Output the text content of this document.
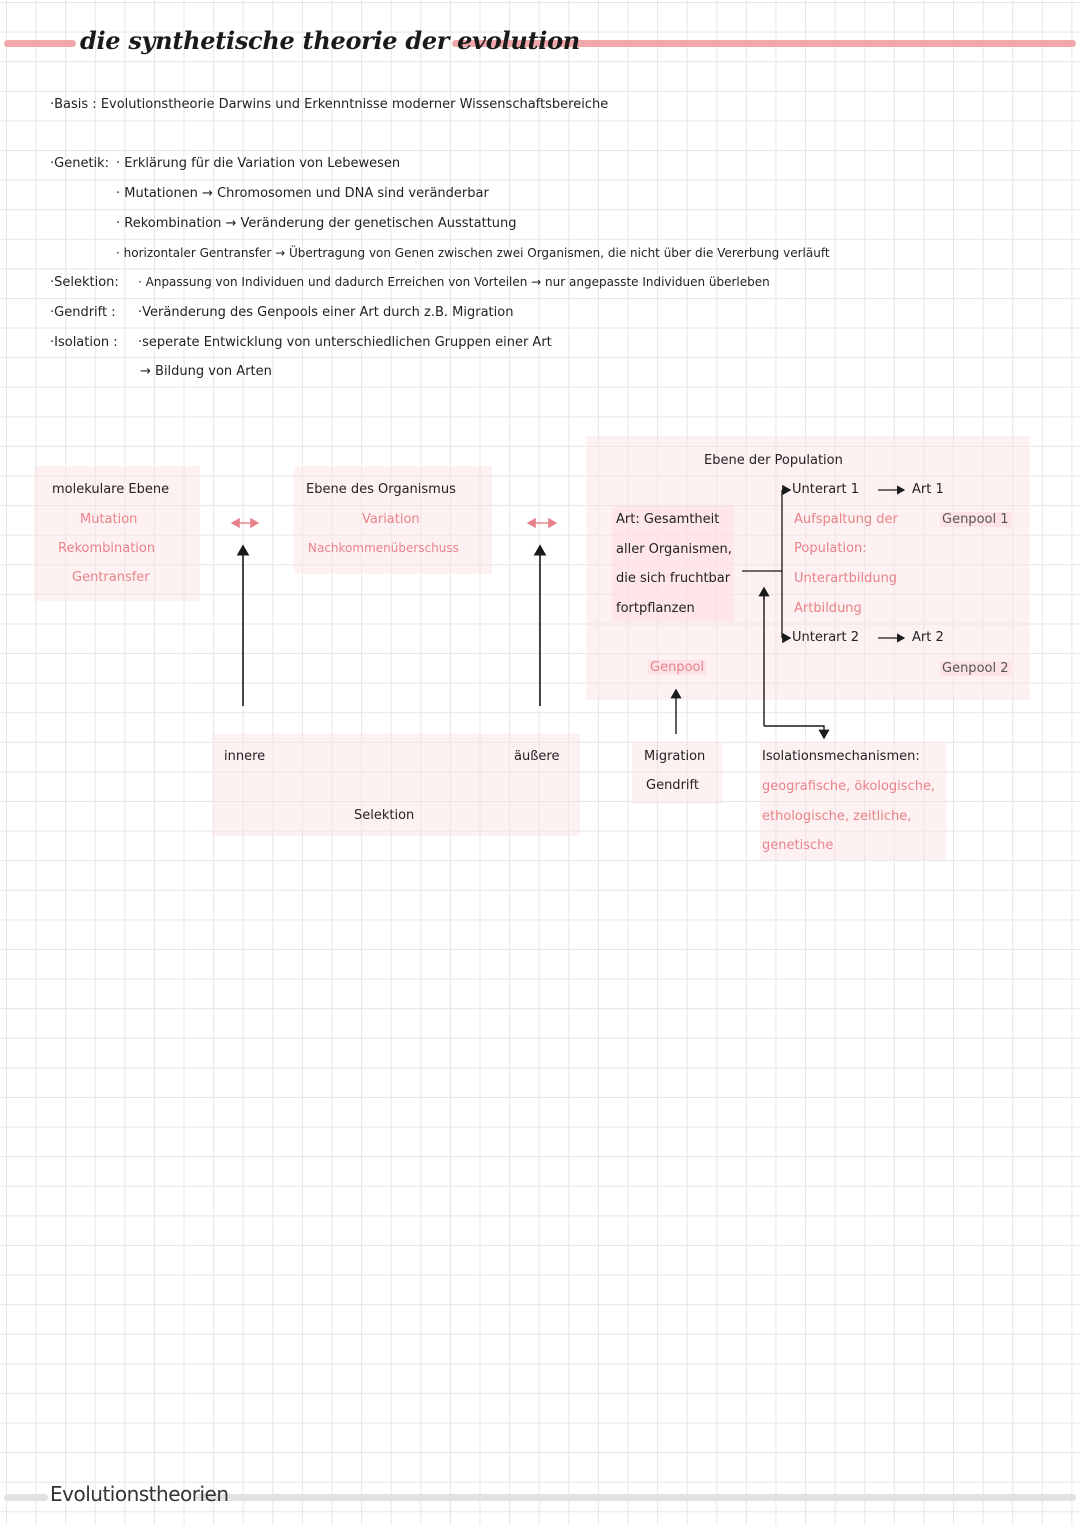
die synthetische theorie der evolution
·Basis : Evolutionstheorie Darwins und Erkenntnisse moderner Wissenschaftsbereiche
·Genetik: · Erklärung für die Variation von Lebewesen
· Mutationen → Chromosomen und DNA sind veränderbar
· Rekombination → Veränderung der genetischen Ausstattung
· horizontaler Gentransfer → Übertragung von Genen zwischen zwei Organismen, die nicht über die Vererbung verläuft
·Selektion: · Anpassung von Individuen und dadurch Erreichen von Vorteilen → nur angepasste Individuen überleben
·Gendrift : ·Veränderung des Genpools einer Art durch z.B. Migration
·Isolation : ·seperate Entwicklung von unterschiedlichen Gruppen einer Art
→ Bildung von Arten
molekulare Ebene
Mutation
Rekombination
Gentransfer
Ebene des Organismus
Variation
Nachkommenüberschuss
Ebene der Population
Art: Gesamtheit
aller Organismen,
die sich fruchtbar
fortpflanzen
Genpool
Unterart 1	Art 1
Genpool 1
Aufspaltung der
Population:
Unterartbildung
Artbildung
Unterart 2	Art 2
Genpool 2
innere	äußere
Selektion
Migration
Gendrift
Isolationsmechanismen:
geografische, ökologische,
ethologische, zeitliche,
genetische
Evolutionstheorien
